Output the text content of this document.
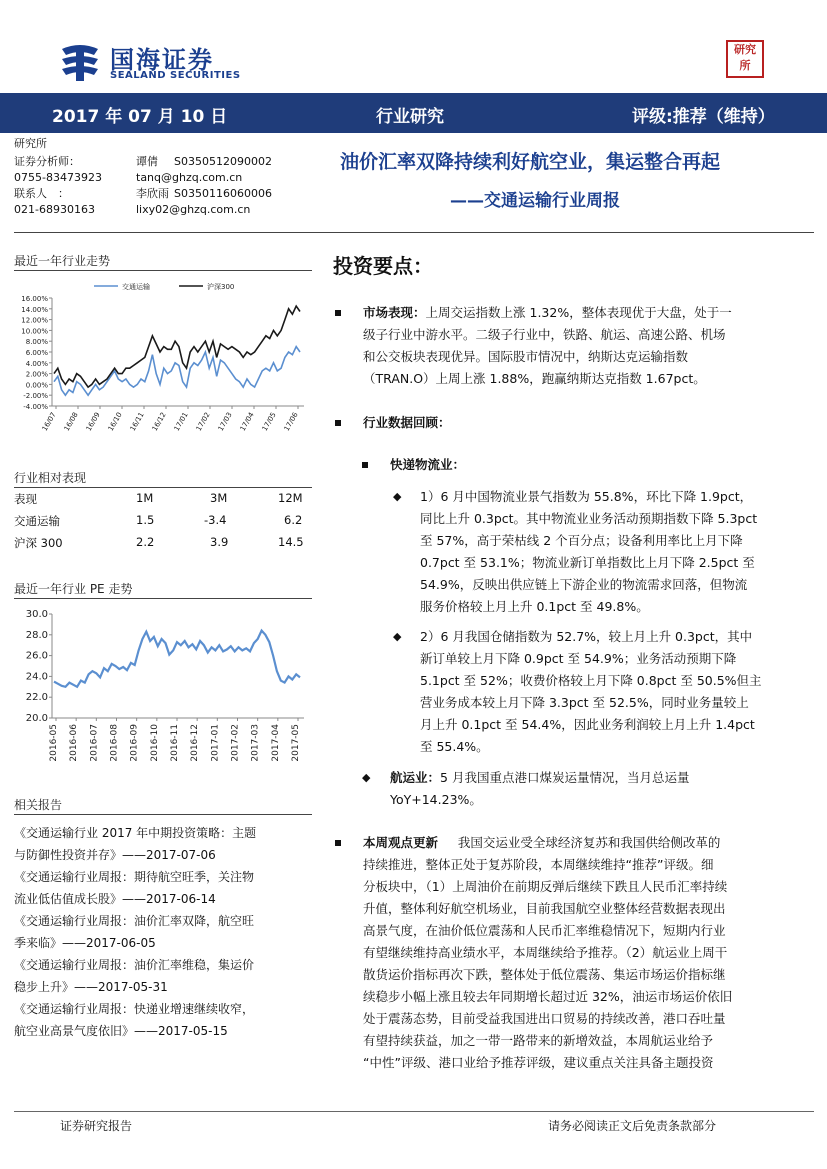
国海证券
SEALAND SECURITIES
研究
所
2017 年 07 月 10 日	行业研究	评级:推荐（维持）
研究所
证券分析师：	谭倩 S0350512090002
0755-83473923	tanq@ghzq.com.cn
联系人　：	李欣雨 S0350116060006
021-68930163	lixy02@ghzq.com.cn
油价汇率双降持续利好航空业，集运整合再起
——交通运输行业周报
最近一年行业走势
交通运输	沪深300
16.00%
14.00%
12.00%
10.00%
8.00%
6.00%
4.00%
2.00%
0.00%
-2.00%
-4.00%
16/07 16/08 16/09 16/10 16/11 16/12 17/01 17/02 17/03 17/04 17/05 17/06
行业相对表现
表现	1M	3M	12M
交通运输	1.5	-3.4	6.2
沪深 300	2.2	3.9	14.5
最近一年行业 PE 走势
30.0
28.0
26.0
24.0
22.0
20.0
2016-05 2016-06 2016-07 2016-08 2016-09 2016-10 2016-11 2016-12 2017-01 2017-02 2017-03 2017-04 2017-05
相关报告
《交通运输行业 2017 年中期投资策略：主题
与防御性投资并存》——2017-07-06
《交通运输行业周报：期待航空旺季，关注物
流业低估值成长股》——2017-06-14
《交通运输行业周报：油价汇率双降，航空旺
季来临》——2017-06-05
《交通运输行业周报：油价汇率维稳，集运价
稳步上升》——2017-05-31
《交通运输行业周报：快递业增速继续收窄，
航空业高景气度依旧》——2017-05-15
投资要点：
市场表现：上周交运指数上涨 1.32%，整体表现优于大盘，处于一
级子行业中游水平。二级子行业中，铁路、航运、高速公路、机场
和公交板块表现优异。国际股市情况中，纳斯达克运输指数
（TRAN.O）上周上涨 1.88%，跑赢纳斯达克指数 1.67pct。
行业数据回顾：
快递物流业：
◆ 1）6 月中国物流业景气指数为 55.8%，环比下降 1.9pct，
同比上升 0.3pct。其中物流业业务活动预期指数下降 5.3pct
至 57%，高于荣枯线 2 个百分点；设备利用率比上月下降
0.7pct 至 53.1%；物流业新订单指数比上月下降 2.5pct 至
54.9%，反映出供应链上下游企业的物流需求回落，但物流
服务价格较上月上升 0.1pct 至 49.8%。
◆ 2）6 月我国仓储指数为 52.7%，较上月上升 0.3pct，其中
新订单较上月下降 0.9pct 至 54.9%；业务活动预期下降
5.1pct 至 52%；收费价格较上月下降 0.8pct 至 50.5%但主
营业务成本较上月下降 3.3pct 至 52.5%，同时业务量较上
月上升 0.1pct 至 54.4%，因此业务利润较上月上升 1.4pct
至 55.4%。
◆	航运业：5 月我国重点港口煤炭运量情况，当月总运量
YoY+14.23%。
本周观点更新 我国交运业受全球经济复苏和我国供给侧改革的

持续推进，整体正处于复苏阶段，本周继续维持“推荐”评级。细
分板块中，（1）上周油价在前期反弹后继续下跌且人民币汇率持续
升值，整体利好航空机场业，目前我国航空业整体经营数据表现出
高景气度，在油价低位震荡和人民币汇率维稳情况下，短期内行业
有望继续维持高业绩水平，本周继续给予推荐。（2）航运业上周干
散货运价指标再次下跌，整体处于低位震荡、集运市场运价指标继
续稳步小幅上涨且较去年同期增长超过近 32%，油运市场运价依旧
处于震荡态势，目前受益我国进出口贸易的持续改善，港口吞吐量
有望持续获益，加之一带一路带来的新增效益，本周航运业给予
“中性”评级、港口业给予推荐评级，建议重点关注具备主题投资
证券研究报告	请务必阅读正文后免责条款部分
